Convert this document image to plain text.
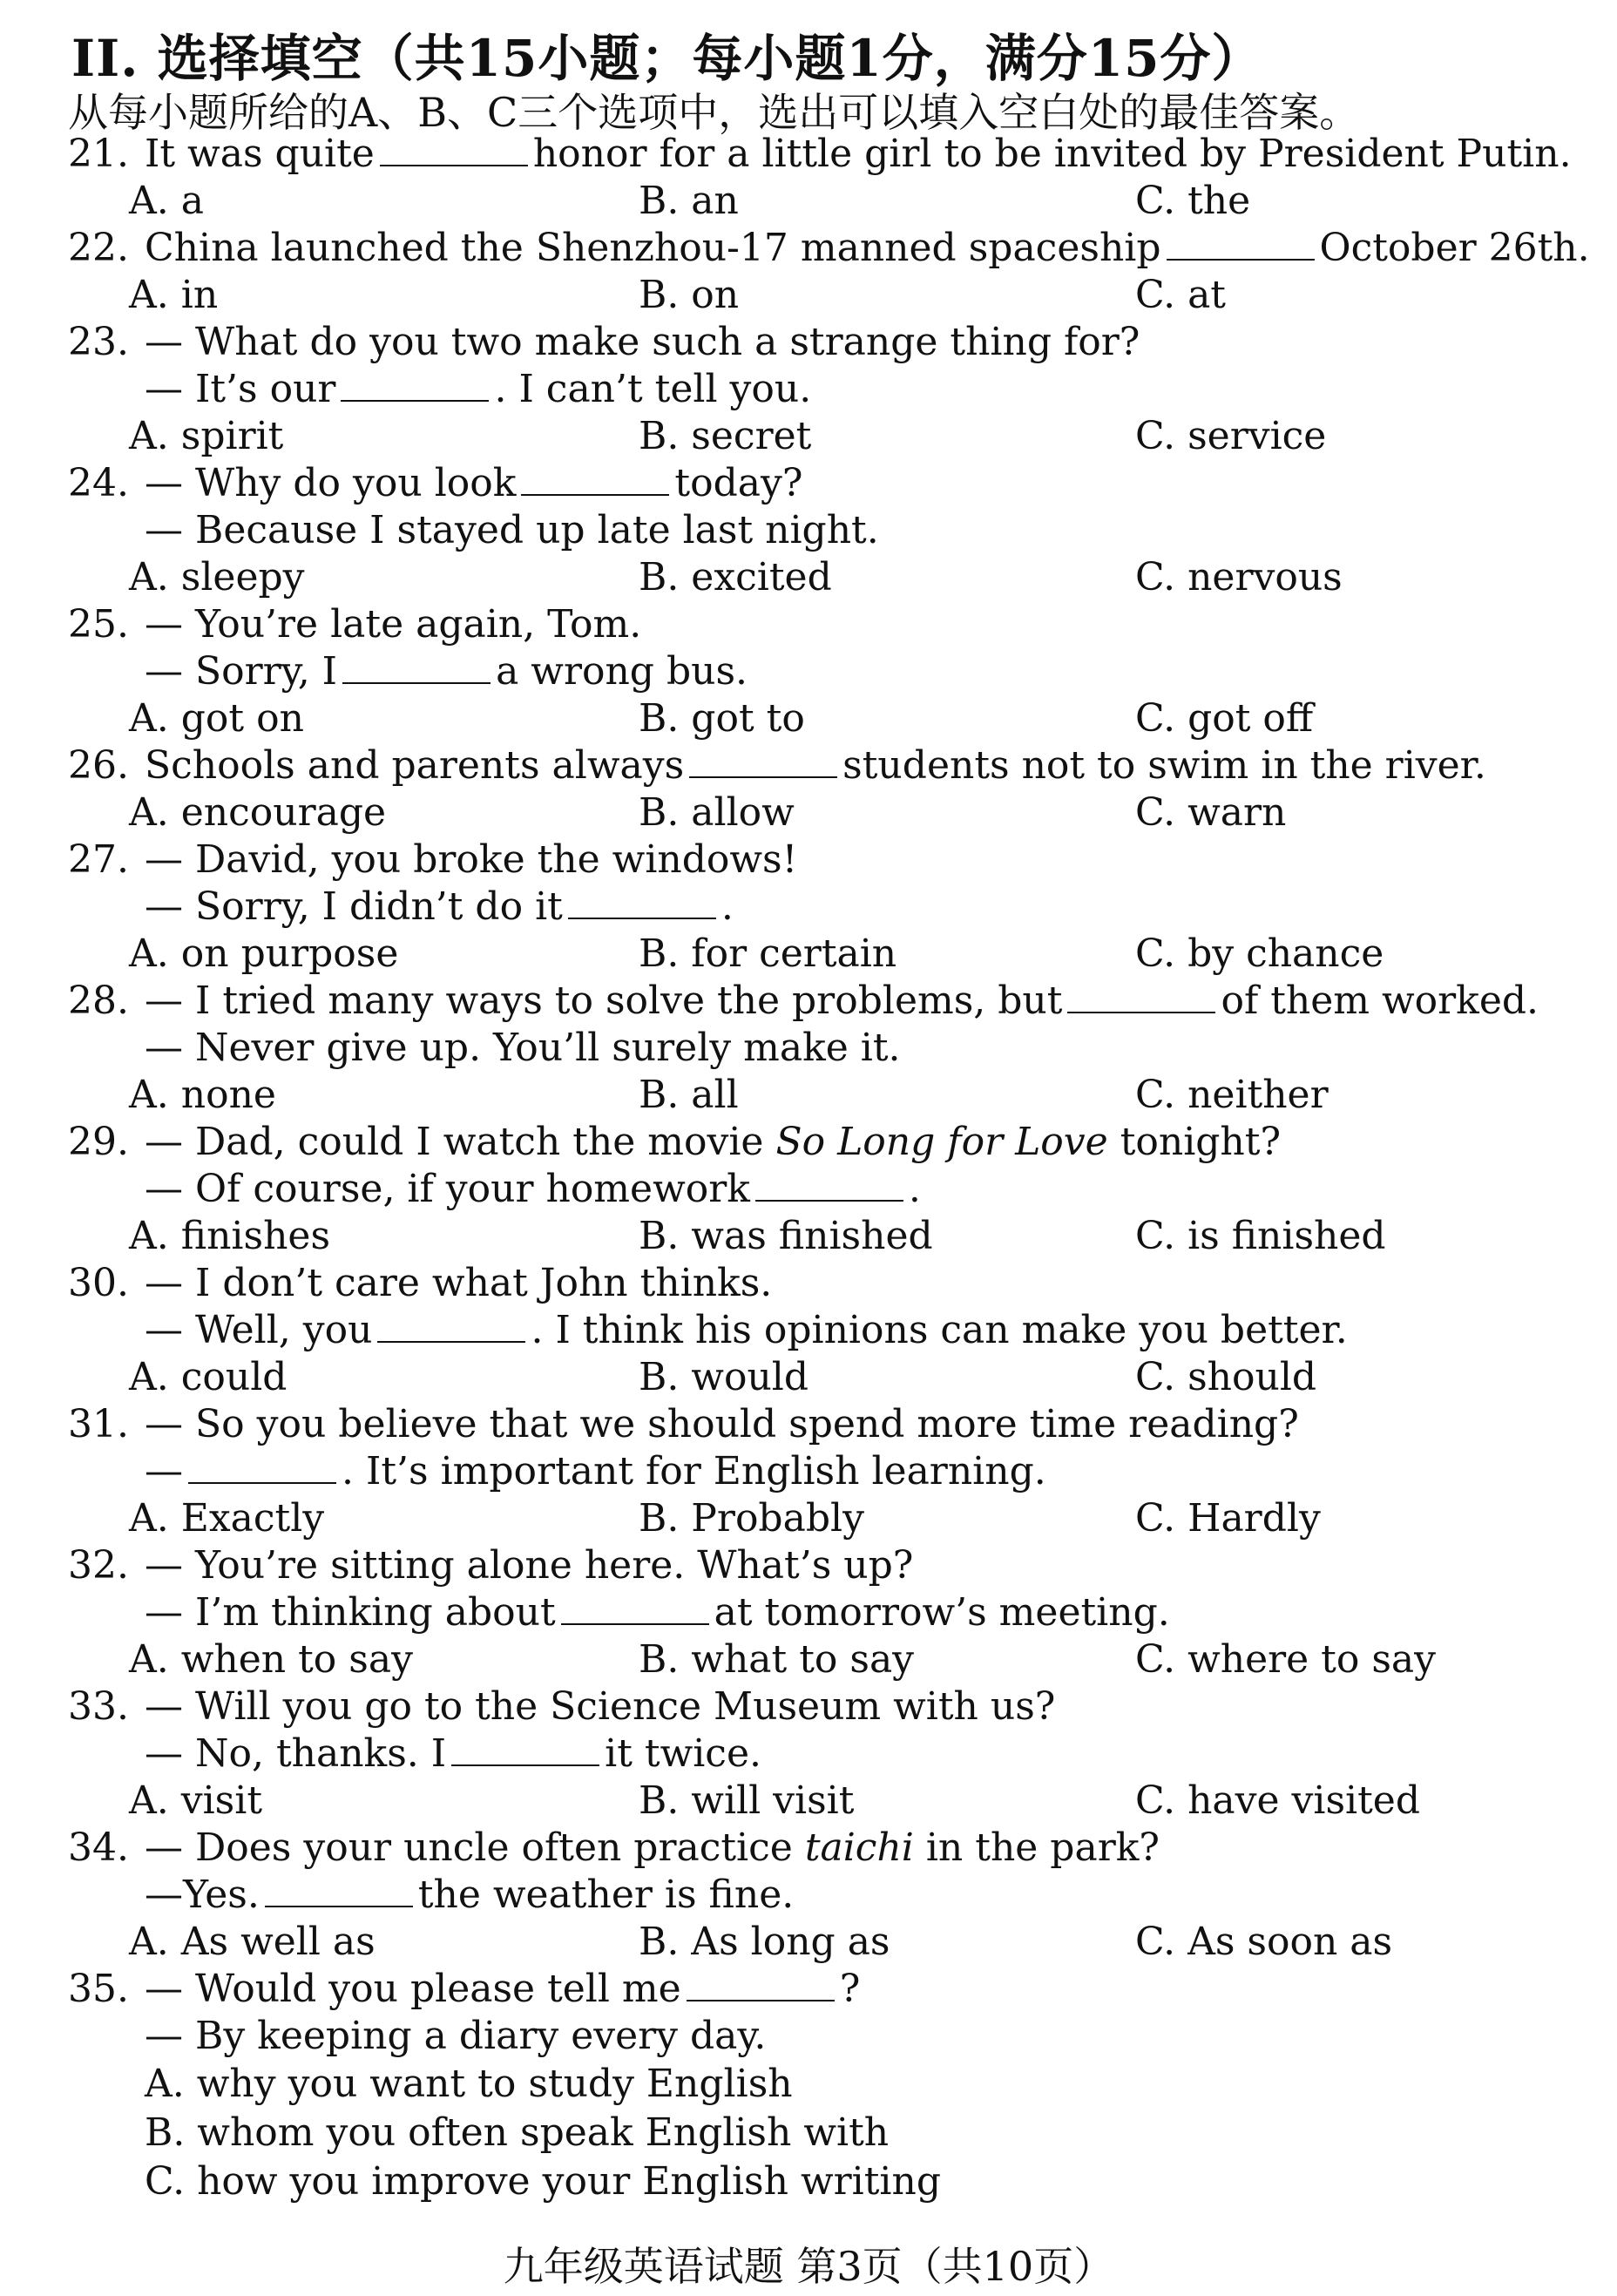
II. 选择填空（共15小题；每小题1分，满分15分）
从每小题所给的A、B、C三个选项中，选出可以填入空白处的最佳答案。
21. It was quite	honor for a little girl to be invited by President Putin.
A. a	B. an	C. the
22. China launched the Shenzhou-17 manned spaceship	October 26th.
A. in	B. on	C. at
23. — What do you two make such a strange thing for?
— It’s our	. I can’t tell you.
A. spirit	B. secret	C. service
24. — Why do you look	today?
— Because I stayed up late last night.
A. sleepy	B. excited	C. nervous
25. — You’re late again, Tom.
— Sorry, I	a wrong bus.
A. got on	B. got to	C. got off
26. Schools and parents always	students not to swim in the river.
A. encourage	B. allow	C. warn
27. — David, you broke the windows!
— Sorry, I didn’t do it	.
A. on purpose	B. for certain	C. by chance
28. — I tried many ways to solve the problems, but	of them worked.
— Never give up. You’ll surely make it.
A. none	B. all	C. neither
29. — Dad, could I watch the movie So Long for Love tonight?
— Of course, if your homework	.
A. finishes	B. was finished	C. is finished
30. — I don’t care what John thinks.
— Well, you	. I think his opinions can make you better.
A. could	B. would	C. should
31. — So you believe that we should spend more time reading?
—	. It’s important for English learning.
A. Exactly	B. Probably	C. Hardly
32. — You’re sitting alone here. What’s up?
— I’m thinking about	at tomorrow’s meeting.
A. when to say	B. what to say	C. where to say
33. — Will you go to the Science Museum with us?
— No, thanks. I	it twice.
A. visit	B. will visit	C. have visited
34. — Does your uncle often practice taichi in the park?
—Yes.	the weather is fine.
A. As well as	B. As long as	C. As soon as
35. — Would you please tell me	?
— By keeping a diary every day.
A. why you want to study English
B. whom you often speak English with
C. how you improve your English writing
九年级英语试题 第3页（共10页）
